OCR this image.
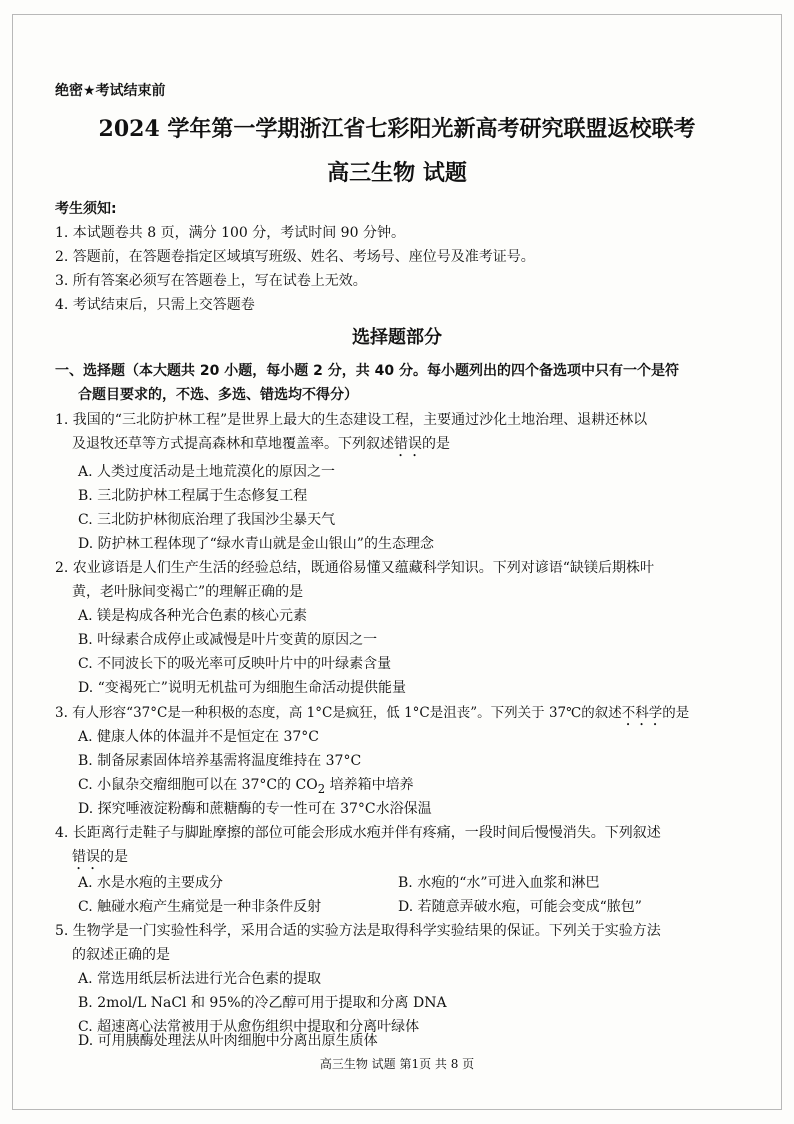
绝密★考试结束前
2024 学年第一学期浙江省七彩阳光新高考研究联盟返校联考
高三生物 试题
考生须知:
1. 本试题卷共 8 页，满分 100 分，考试时间 90 分钟。
2. 答题前，在答题卷指定区域填写班级、姓名、考场号、座位号及准考证号。
3. 所有答案必须写在答题卷上，写在试卷上无效。
4. 考试结束后，只需上交答题卷
选择题部分
一、选择题（本大题共 20 小题，每小题 2 分，共 40 分。每小题列出的四个备选项中只有一个是符
合题目要求的，不选、多选、错选均不得分）
1. 我国的“三北防护林工程”是世界上最大的生态建设工程，主要通过沙化土地治理、退耕还林以
及退牧还草等方式提高森林和草地覆盖率。下列叙述错误的是
A. 人类过度活动是土地荒漠化的原因之一
B. 三北防护林工程属于生态修复工程
C. 三北防护林彻底治理了我国沙尘暴天气
D. 防护林工程体现了“绿水青山就是金山银山”的生态理念
2. 农业谚语是人们生产生活的经验总结，既通俗易懂又蕴藏科学知识。下列对谚语“缺镁后期株叶
黄，老叶脉间变褐亡”的理解正确的是
A. 镁是构成各种光合色素的核心元素
B. 叶绿素合成停止或减慢是叶片变黄的原因之一
C. 不同波长下的吸光率可反映叶片中的叶绿素含量
D. “变褐死亡”说明无机盐可为细胞生命活动提供能量
3. 有人形容“37°C是一种积极的态度，高 1°C是疯狂，低 1°C是沮丧”。下列关于 37℃的叙述不科学的是
A. 健康人体的体温并不是恒定在 37°C
B. 制备尿素固体培养基需将温度维持在 37°C
C. 小鼠杂交瘤细胞可以在 37°C的 $CO_2$ 培养箱中培养
D. 探究唾液淀粉酶和蔗糖酶的专一性可在 37°C水浴保温
4. 长距离行走鞋子与脚趾摩擦的部位可能会形成水疱并伴有疼痛，一段时间后慢慢消失。下列叙述
错误的是
A. 水是水疱的主要成分	B. 水疱的“水”可进入血浆和淋巴
C. 触碰水疱产生痛觉是一种非条件反射	D. 若随意弄破水疱，可能会变成“脓包”
5. 生物学是一门实验性科学，采用合适的实验方法是取得科学实验结果的保证。下列关于实验方法
的叙述正确的是
A. 常选用纸层析法进行光合色素的提取
B. 2mol/L NaCl 和 95%的冷乙醇可用于提取和分离 DNA
C. 超速离心法常被用于从愈伤组织中提取和分离叶绿体
D. 可用胰酶处理法从叶肉细胞中分离出原生质体
高三生物 试题 第1页 共 8 页
